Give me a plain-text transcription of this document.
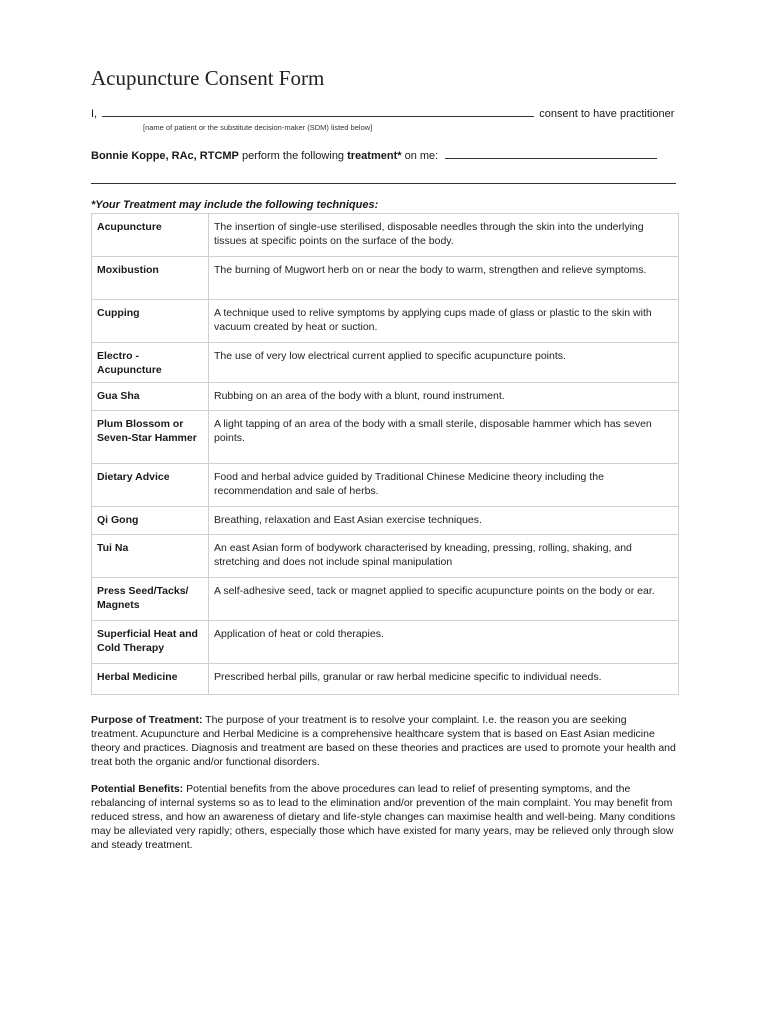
Acupuncture Consent Form
I,	consent to have practitioner
[name of patient or the substitute decision-maker (SDM) listed below]
Bonnie Koppe, RAc, RTCMP perform the following treatment* on me:
*Your Treatment may include the following techniques:
Acupuncture	The insertion of single-use sterilised, disposable needles through the skin into the underlying tissues at specific points on the surface of the body.
Moxibustion	The burning of Mugwort herb on or near the body to warm, strengthen and relieve symptoms.
Cupping	A technique used to relive symptoms by applying cups made of glass or plastic to the skin with vacuum created by heat or suction.
Electro - Acupuncture	The use of very low electrical current applied to specific acupuncture points.
Gua Sha	Rubbing on an area of the body with a blunt, round instrument.
Plum Blossom or Seven-Star Hammer	A light tapping of an area of the body with a small sterile, disposable hammer which has seven points.
Dietary Advice	Food and herbal advice guided by Traditional Chinese Medicine theory including the recommendation and sale of herbs.
Qi Gong	Breathing, relaxation and East Asian exercise techniques.
Tui Na	An east Asian form of bodywork characterised by kneading, pressing, rolling, shaking, and stretching and does not include spinal manipulation
Press Seed/Tacks/ Magnets	A self-adhesive seed, tack or magnet applied to specific acupuncture points on the body or ear.
Superficial Heat and Cold Therapy	Application of heat or cold therapies.
Herbal Medicine	Prescribed herbal pills, granular or raw herbal medicine specific to individual needs.

Purpose of Treatment: The purpose of your treatment is to resolve your complaint. I.e. the reason you are seeking treatment. Acupuncture and Herbal Medicine is a comprehensive healthcare system that is based on East Asian medicine theory and practices. Diagnosis and treatment are based on these theories and practices are used to promote your health and treat both the organic and/or functional disorders.

Potential Benefits: Potential benefits from the above procedures can lead to relief of presenting symptoms, and the rebalancing of internal systems so as to lead to the elimination and/or prevention of the main complaint. You may benefit from reduced stress, and how an awareness of dietary and life-style changes can maximise health and well-being. Many conditions may be alleviated very rapidly; others, especially those which have existed for many years, may be relieved only through slow and steady treatment.
